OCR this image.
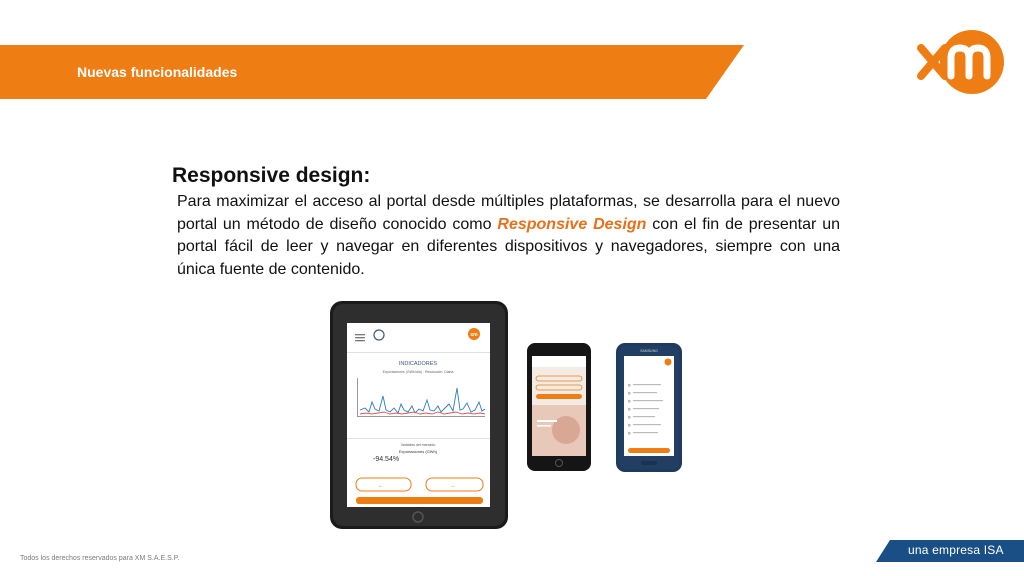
Nuevas funcionalidades
Responsive design:
Para maximizar el acceso al portal desde múltiples plataformas, se desarrolla para el nuevo portal un método de diseño conocido como Responsive Design con el fin de presentar un portal fácil de leer y navegar en diferentes dispositivos y navegadores, siempre con una única fuente de contenido.
←	→
INDICADORES
Exportaciones (GWh/día) - Resolución: Diaria
Variables del mercado
Exportaciones (GWh)
-94.54%
xm
SAMSUNG
Todos los derechos reservados para XM S.A.E.S.P.
una empresa ISA
